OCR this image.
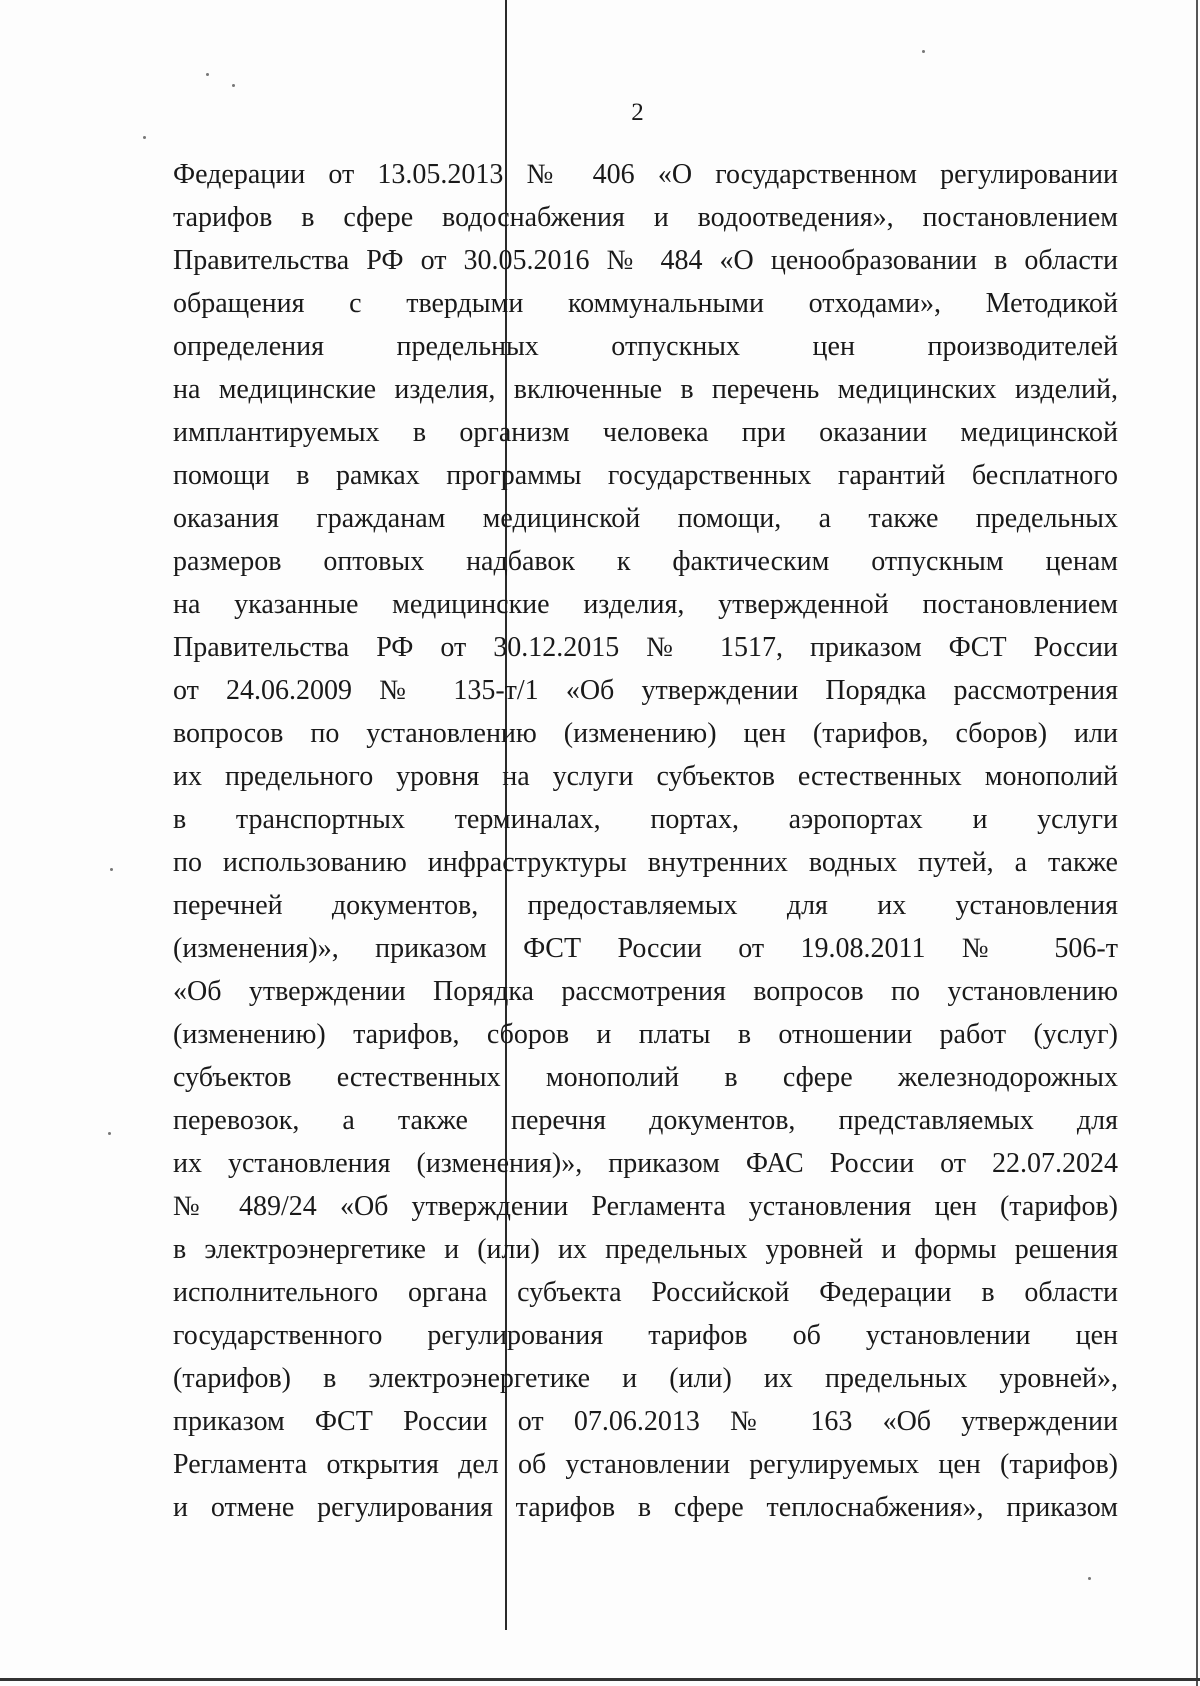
2
Федерации от 13.05.2013 № 406 «О государственном регулировании
тарифов в сфере водоснабжения и водоотведения», постановлением
Правительства РФ от 30.05.2016 № 484 «О ценообразовании в области
обращения с твердыми коммунальными отходами», Методикой
определения предельных отпускных цен производителей
на медицинские изделия, включенные в перечень медицинских изделий,
имплантируемых в организм человека при оказании медицинской
помощи в рамках программы государственных гарантий бесплатного
оказания гражданам медицинской помощи, а также предельных
размеров оптовых надбавок к фактическим отпускным ценам
на указанные медицинские изделия, утвержденной постановлением
Правительства РФ от 30.12.2015 № 1517, приказом ФСТ России
от 24.06.2009 № 135-т/1 «Об утверждении Порядка рассмотрения
вопросов по установлению (изменению) цен (тарифов, сборов) или
их предельного уровня на услуги субъектов естественных монополий
в транспортных терминалах, портах, аэропортах и услуги
по использованию инфраструктуры внутренних водных путей, а также
перечней документов, предоставляемых для их установления
(изменения)», приказом ФСТ России от 19.08.2011 № 506-т
«Об утверждении Порядка рассмотрения вопросов по установлению
(изменению) тарифов, сборов и платы в отношении работ (услуг)
субъектов естественных монополий в сфере железнодорожных
перевозок, а также перечня документов, представляемых для
их установления (изменения)», приказом ФАС России от 22.07.2024
№ 489/24 «Об утверждении Регламента установления цен (тарифов)
в электроэнергетике и (или) их предельных уровней и формы решения
исполнительного органа субъекта Российской Федерации в области
государственного регулирования тарифов об установлении цен
(тарифов) в электроэнергетике и (или) их предельных уровней»,
приказом ФСТ России от 07.06.2013 № 163 «Об утверждении
Регламента открытия дел об установлении регулируемых цен (тарифов)
и отмене регулирования тарифов в сфере теплоснабжения», приказом
